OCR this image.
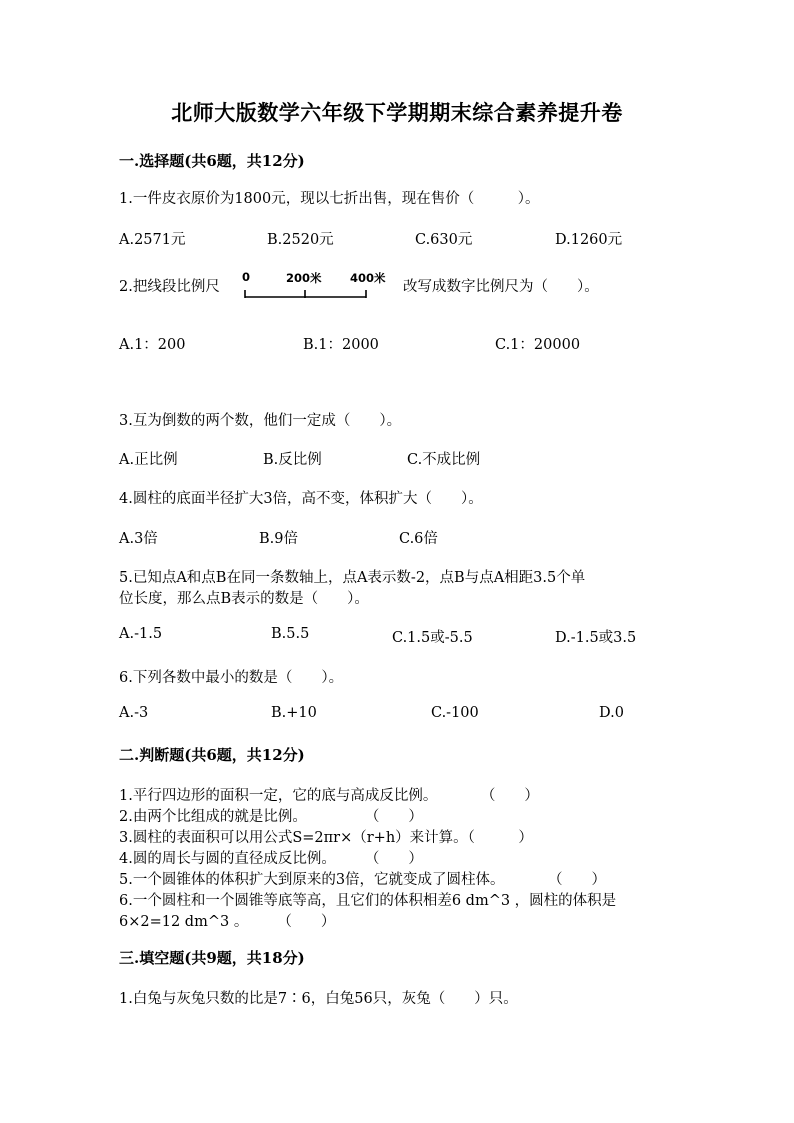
北师大版数学六年级下学期期末综合素养提升卷
一.选择题(共6题，共12分)
1.一件皮衣原价为1800元，现以七折出售，现在售价（　　　）。
A.2571元	B.2520元	C.630元	D.1260元
2.把线段比例尺
0	200米 400米
改写成数字比例尺为（　　）。
A.1：200	B.1：2000	C.1：20000
3.互为倒数的两个数，他们一定成（　　）。
A.正比例	B.反比例	C.不成比例
4.圆柱的底面半径扩大3倍，高不变，体积扩大（　　）。
A.3倍	B.9倍	C.6倍
5.已知点A和点B在同一条数轴上，点A表示数-2，点B与点A相距3.5个单
位长度，那么点B表示的数是（　　）。
A.-1.5	B.5.5	C.1.5或-5.5	D.-1.5或3.5
6.下列各数中最小的数是（　　）。
A.-3	B.+10	C.-100	D.0
二.判断题(共6题，共12分)
1.平行四边形的面积一定，它的底与高成反比例。　　　　（　　）
2.由两个比组成的就是比例。　　　　　（　　）
3.圆柱的表面积可以用公式S=2πr×（r+h）来计算。（　　　）
4.圆的周长与圆的直径成反比例。　　　（　　）
5.一个圆锥体的体积扩大到原来的3倍，它就变成了圆柱体。　　　　（　　）
6.一个圆柱和一个圆锥等底等高，且它们的体积相差6 dm^3 ，圆柱的体积是
6×2=12 dm^3 。　　　（　　）
三.填空题(共9题，共18分)
1.白兔与灰兔只数的比是7∶6，白兔56只，灰兔（　　）只。
